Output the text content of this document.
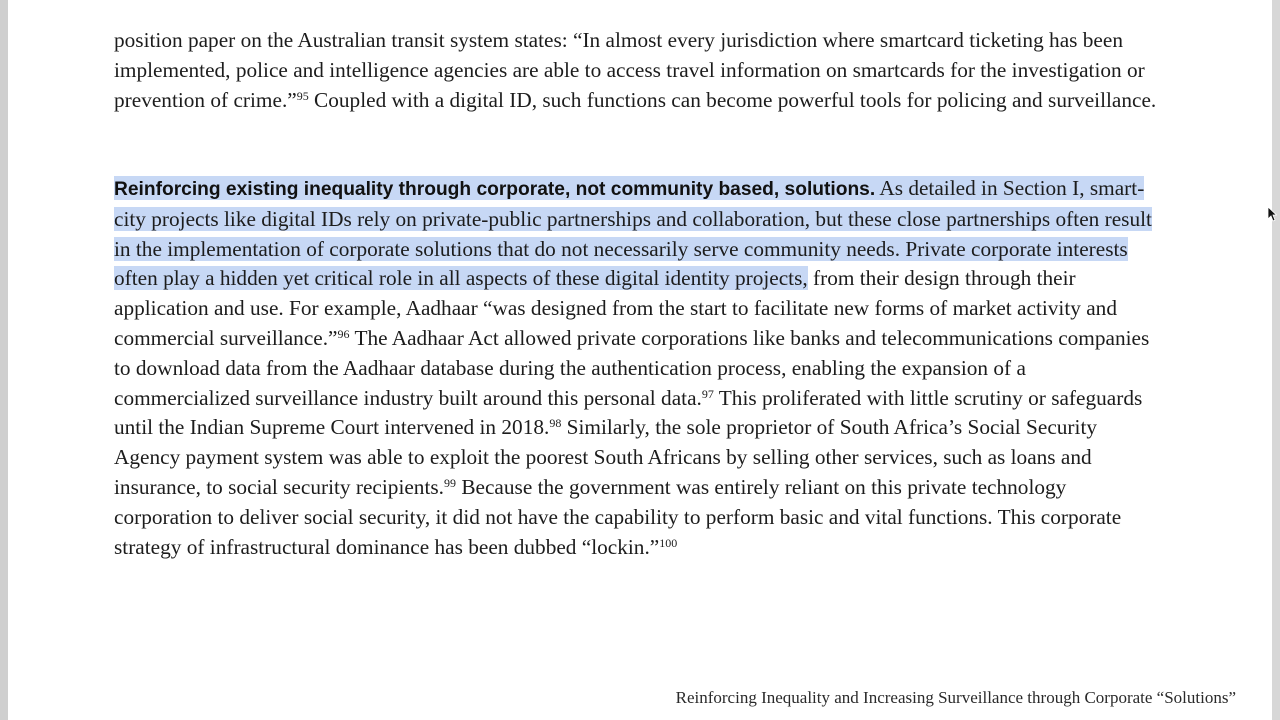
position paper on the Australian transit system states: “In almost every jurisdiction where smartcard ticketing has been implemented, police and intelligence agencies are able to access travel information on smartcards for the investigation or prevention of crime.”$^{95}$ Coupled with a digital ID, such functions can become powerful tools for policing and surveillance.

Reinforcing existing inequality through corporate, not community based, solutions. As detailed in Section I, smart-city projects like digital IDs rely on private-public partnerships and collaboration, but these close partnerships often result in the implementation of corporate solutions that do not necessarily serve community needs. Private corporate interests often play a hidden yet critical role in all aspects of these digital identity projects, from their design through their application and use. For example, Aadhaar “was designed from the start to facilitate new forms of market activity and commercial surveillance.”$^{96}$ The Aadhaar Act allowed private corporations like banks and telecommunications companies to download data from the Aadhaar database during the authentication process, enabling the expansion of a commercialized surveillance industry built around this personal data.$^{97}$ This proliferated with little scrutiny or safeguards until the Indian Supreme Court intervened in 2018.98 Similarly, the sole proprietor of South Africa’s Social Security Agency payment system was able to exploit the poorest South Africans by selling other services, such as loans and insurance, to social security recipients.$^{99}$ Because the government was entirely reliant on this private technology corporation to deliver social security, it did not have the capability to perform basic and vital functions. This corporate strategy of infrastructural dominance has been dubbed “lockin.”$^{100}$

Reinforcing Inequality and Increasing Surveillance through Corporate “Solutions”
